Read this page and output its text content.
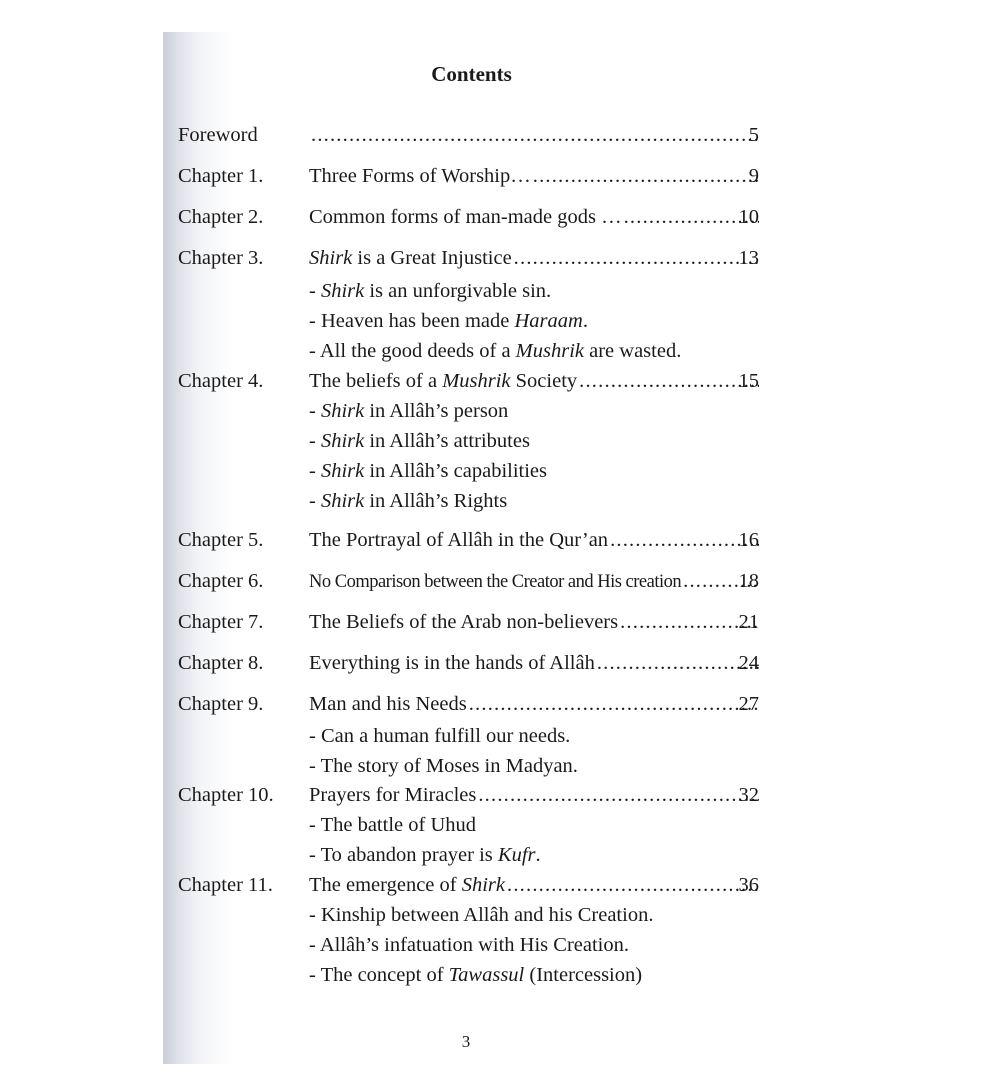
Contents
Foreword .....	5
Chapter 1. Three Forms of Worship… .....	9
Chapter 2. Common forms of man-made gods … .....	10
Chapter 3. Shirk is a Great Injustice .....	13
- Shirk is an unforgivable sin.
- Heaven has been made Haraam.
- All the good deeds of a Mushrik are wasted.
Chapter 4. The beliefs of a Mushrik Society .....	15
- Shirk in Allâh’s person
- Shirk in Allâh’s attributes
- Shirk in Allâh’s capabilities
- Shirk in Allâh’s Rights
Chapter 5. The Portrayal of Allâh in the Qur’an .....	16
Chapter 6. No Comparison between the Creator and His creation .....	18
Chapter 7. The Beliefs of the Arab non-believers .....	21
Chapter 8. Everything is in the hands of Allâh .....	24
Chapter 9. Man and his Needs .....	27
- Can a human fulfill our needs.
- The story of Moses in Madyan.
Chapter 10. Prayers for Miracles .....	32
- The battle of Uhud
- To abandon prayer is Kufr.
Chapter 11. The emergence of Shirk .....	36
- Kinship between Allâh and his Creation.
- Allâh’s infatuation with His Creation.
- The concept of Tawassul (Intercession)
3
